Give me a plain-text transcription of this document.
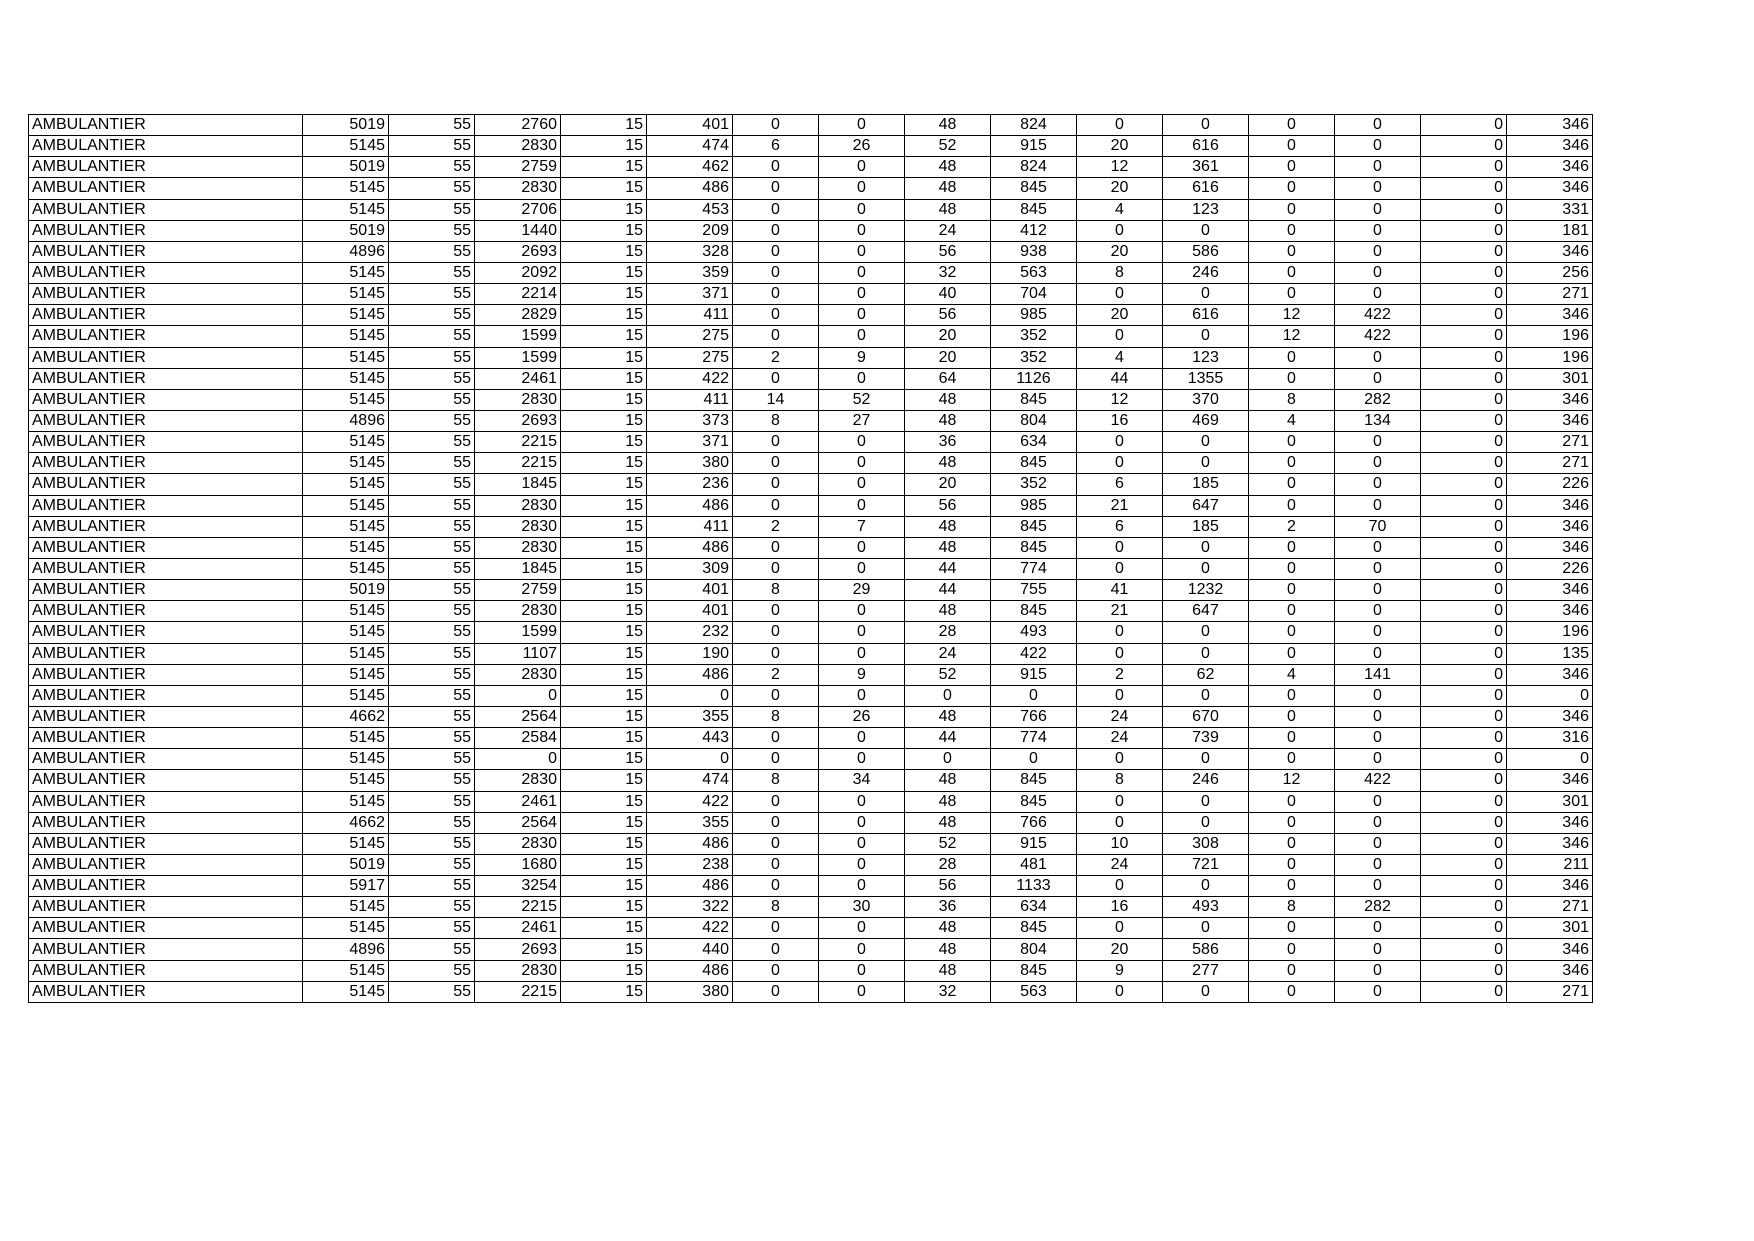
AMBULANTIER	5019	55	2760	15	401	0	0	48	824	0	0	0	0	0	346
AMBULANTIER	5145	55	2830	15	474	6	26	52	915	20	616	0	0	0	346
AMBULANTIER	5019	55	2759	15	462	0	0	48	824	12	361	0	0	0	346
AMBULANTIER	5145	55	2830	15	486	0	0	48	845	20	616	0	0	0	346
AMBULANTIER	5145	55	2706	15	453	0	0	48	845	4	123	0	0	0	331
AMBULANTIER	5019	55	1440	15	209	0	0	24	412	0	0	0	0	0	181
AMBULANTIER	4896	55	2693	15	328	0	0	56	938	20	586	0	0	0	346
AMBULANTIER	5145	55	2092	15	359	0	0	32	563	8	246	0	0	0	256
AMBULANTIER	5145	55	2214	15	371	0	0	40	704	0	0	0	0	0	271
AMBULANTIER	5145	55	2829	15	411	0	0	56	985	20	616	12	422	0	346
AMBULANTIER	5145	55	1599	15	275	0	0	20	352	0	0	12	422	0	196
AMBULANTIER	5145	55	1599	15	275	2	9	20	352	4	123	0	0	0	196
AMBULANTIER	5145	55	2461	15	422	0	0	64	1126	44	1355	0	0	0	301
AMBULANTIER	5145	55	2830	15	411	14	52	48	845	12	370	8	282	0	346
AMBULANTIER	4896	55	2693	15	373	8	27	48	804	16	469	4	134	0	346
AMBULANTIER	5145	55	2215	15	371	0	0	36	634	0	0	0	0	0	271
AMBULANTIER	5145	55	2215	15	380	0	0	48	845	0	0	0	0	0	271
AMBULANTIER	5145	55	1845	15	236	0	0	20	352	6	185	0	0	0	226
AMBULANTIER	5145	55	2830	15	486	0	0	56	985	21	647	0	0	0	346
AMBULANTIER	5145	55	2830	15	411	2	7	48	845	6	185	2	70	0	346
AMBULANTIER	5145	55	2830	15	486	0	0	48	845	0	0	0	0	0	346
AMBULANTIER	5145	55	1845	15	309	0	0	44	774	0	0	0	0	0	226
AMBULANTIER	5019	55	2759	15	401	8	29	44	755	41	1232	0	0	0	346
AMBULANTIER	5145	55	2830	15	401	0	0	48	845	21	647	0	0	0	346
AMBULANTIER	5145	55	1599	15	232	0	0	28	493	0	0	0	0	0	196
AMBULANTIER	5145	55	1107	15	190	0	0	24	422	0	0	0	0	0	135
AMBULANTIER	5145	55	2830	15	486	2	9	52	915	2	62	4	141	0	346
AMBULANTIER	5145	55	0	15	0	0	0	0	0	0	0	0	0	0	0
AMBULANTIER	4662	55	2564	15	355	8	26	48	766	24	670	0	0	0	346
AMBULANTIER	5145	55	2584	15	443	0	0	44	774	24	739	0	0	0	316
AMBULANTIER	5145	55	0	15	0	0	0	0	0	0	0	0	0	0	0
AMBULANTIER	5145	55	2830	15	474	8	34	48	845	8	246	12	422	0	346
AMBULANTIER	5145	55	2461	15	422	0	0	48	845	0	0	0	0	0	301
AMBULANTIER	4662	55	2564	15	355	0	0	48	766	0	0	0	0	0	346
AMBULANTIER	5145	55	2830	15	486	0	0	52	915	10	308	0	0	0	346
AMBULANTIER	5019	55	1680	15	238	0	0	28	481	24	721	0	0	0	211
AMBULANTIER	5917	55	3254	15	486	0	0	56	1133	0	0	0	0	0	346
AMBULANTIER	5145	55	2215	15	322	8	30	36	634	16	493	8	282	0	271
AMBULANTIER	5145	55	2461	15	422	0	0	48	845	0	0	0	0	0	301
AMBULANTIER	4896	55	2693	15	440	0	0	48	804	20	586	0	0	0	346
AMBULANTIER	5145	55	2830	15	486	0	0	48	845	9	277	0	0	0	346
AMBULANTIER	5145	55	2215	15	380	0	0	32	563	0	0	0	0	0	271
